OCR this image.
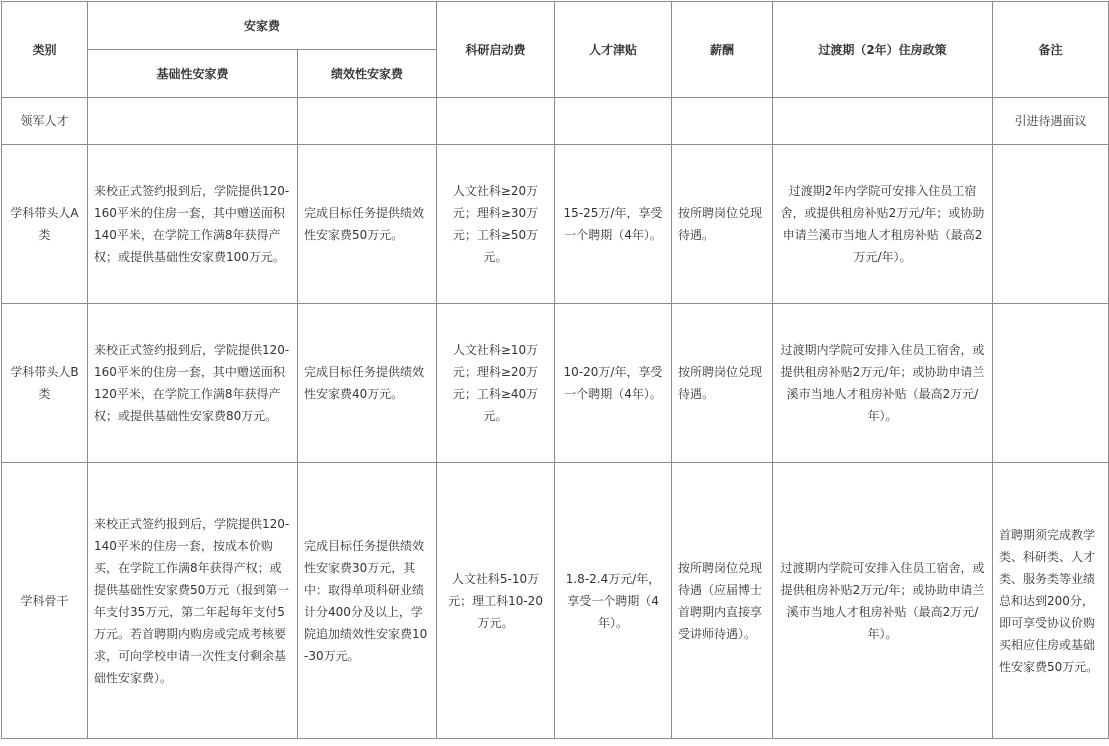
类别	安家费		科研启动费	人才津贴	薪酬	过渡期（2年）住房政策	备注
	基础性安家费	绩效性安家费					
领军人才							引进待遇面议
学科带头人A类	来校正式签约报到后，学院提供120-160平米的住房一套，其中赠送面积140平米，在学院工作满8年获得产权；或提供基础性安家费100万元。	完成目标任务提供绩效性安家费50万元。	人文社科≥20万元；理科≥30万元；工科≥50万元。	15-25万/年，享受一个聘期（4年）。	按所聘岗位兑现待遇。	过渡期2年内学院可安排入住员工宿舍，或提供租房补贴2万元/年；或协助申请兰溪市当地人才租房补贴（最高2万元/年）。	
学科带头人B类	来校正式签约报到后，学院提供120-160平米的住房一套，其中赠送面积120平米，在学院工作满8年获得产权；或提供基础性安家费80万元。	完成目标任务提供绩效性安家费40万元。	人文社科≥10万元；理科≥20万元；工科≥40万元。	10-20万/年，享受一个聘期（4年）。	按所聘岗位兑现待遇。	过渡期内学院可安排入住员工宿舍，或提供租房补贴2万元/年；或协助申请兰溪市当地人才租房补贴（最高2万元/年）。	
学科骨干	来校正式签约报到后，学院提供120-140平米的住房一套，按成本价购买，在学院工作满8年获得产权；或提供基础性安家费50万元（报到第一年支付35万元，第二年起每年支付5万元。若首聘期内购房或完成考核要求，可向学校申请一次性支付剩余基础性安家费）。	完成目标任务提供绩效性安家费30万元，其中：取得单项科研业绩计分400分及以上，学院追加绩效性安家费10-30万元。	人文社科5-10万元；理工科10-20万元。	1.8-2.4万元/年，享受一个聘期（4年）。	按所聘岗位兑现待遇（应届博士首聘期内直接享受讲师待遇）。	过渡期内学院可安排入住员工宿舍，或提供租房补贴2万元/年；或协助申请兰溪市当地人才租房补贴（最高2万元/年）。	首聘期须完成教学类、科研类、人才类、服务类等业绩总和达到200分，即可享受协议价购买相应住房或基础性安家费50万元。
